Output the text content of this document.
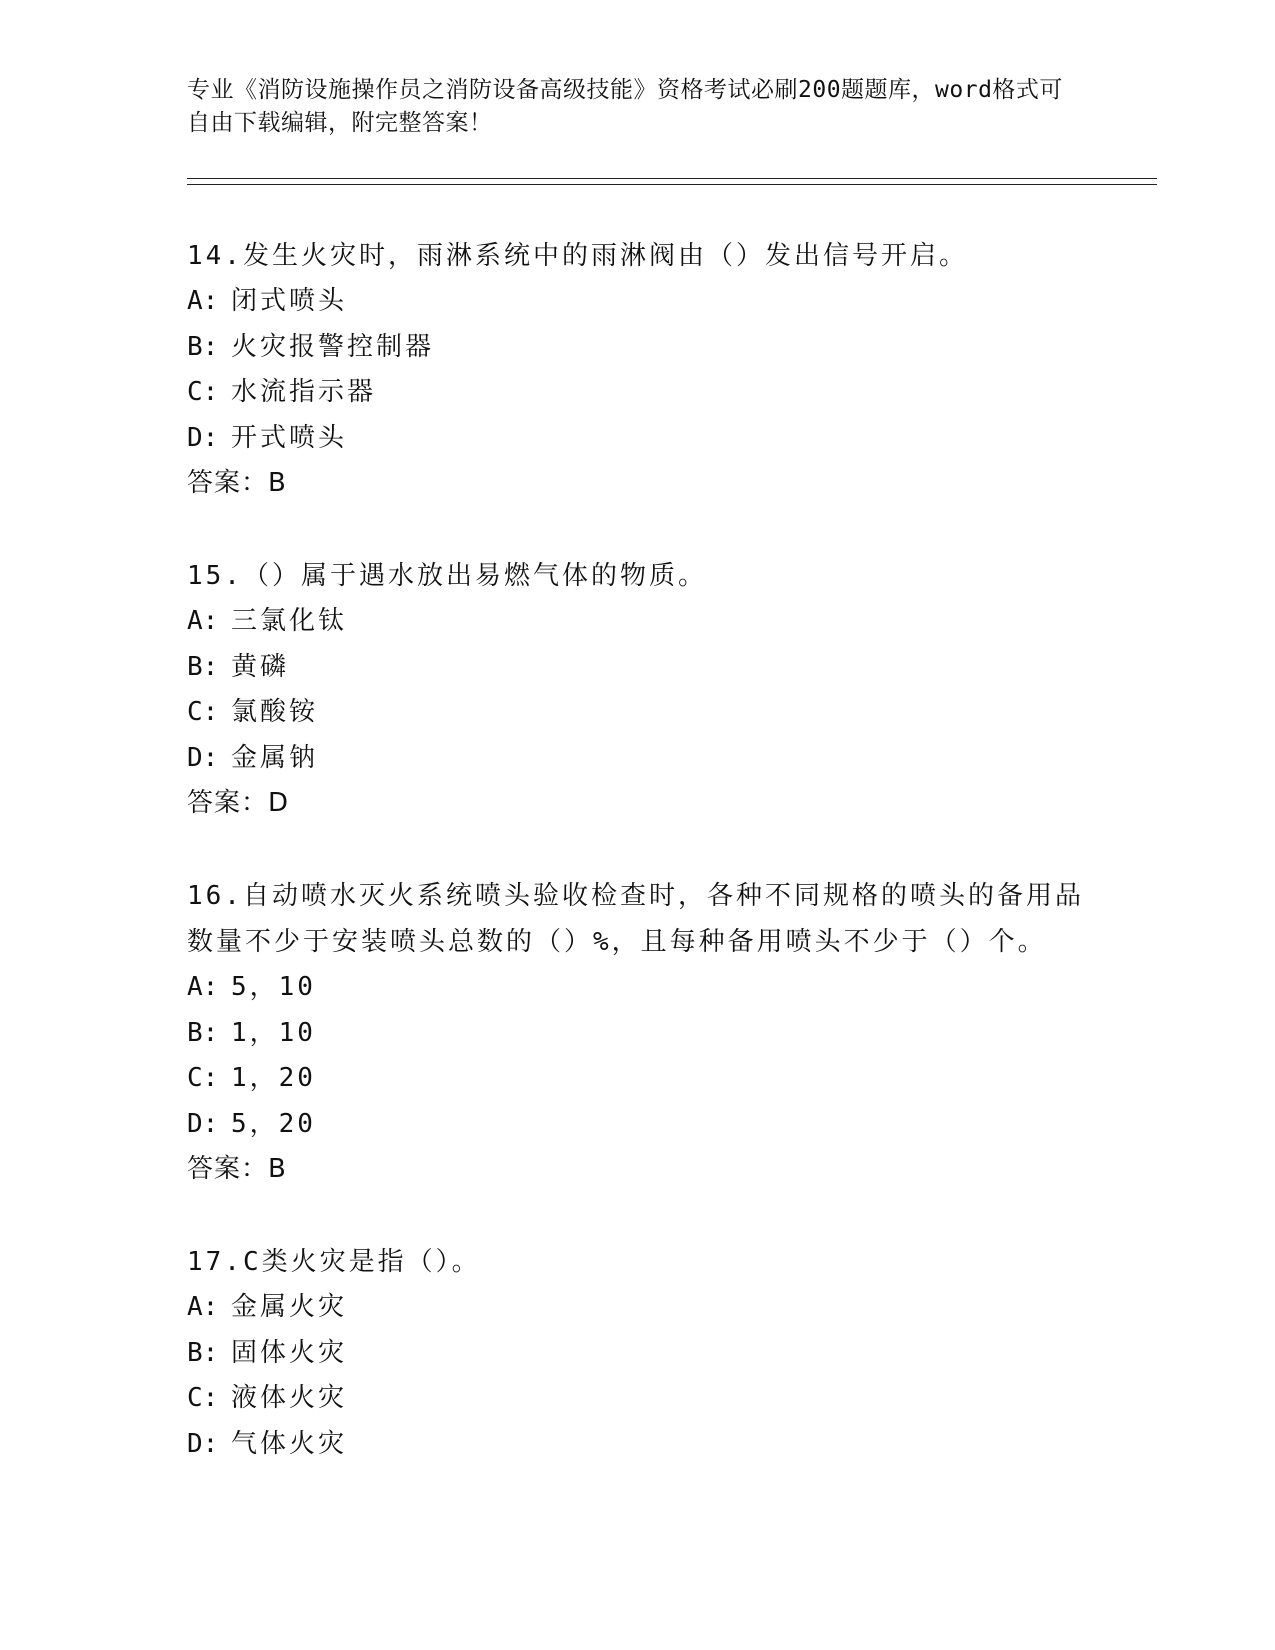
专业《消防设施操作员之消防设备高级技能》资格考试必刷200题题库，word格式可自由下载编辑，附完整答案！

14.发生火灾时，雨淋系统中的雨淋阀由（）发出信号开启。

A: 闭式喷头

B: 火灾报警控制器

C: 水流指示器

D: 开式喷头

答案：B

15.（）属于遇水放出易燃气体的物质。

A: 三氯化钛

B: 黄磷

C: 氯酸铵

D: 金属钠

答案：D

16.自动喷水灭火系统喷头验收检查时，各种不同规格的喷头的备用品数量不少于安装喷头总数的（）%，且每种备用喷头不少于（）个。

A: 5，10

B: 1，10

C: 1，20

D: 5，20

答案：B

17.C类火灾是指（）。

A: 金属火灾

B: 固体火灾

C: 液体火灾

D: 气体火灾
